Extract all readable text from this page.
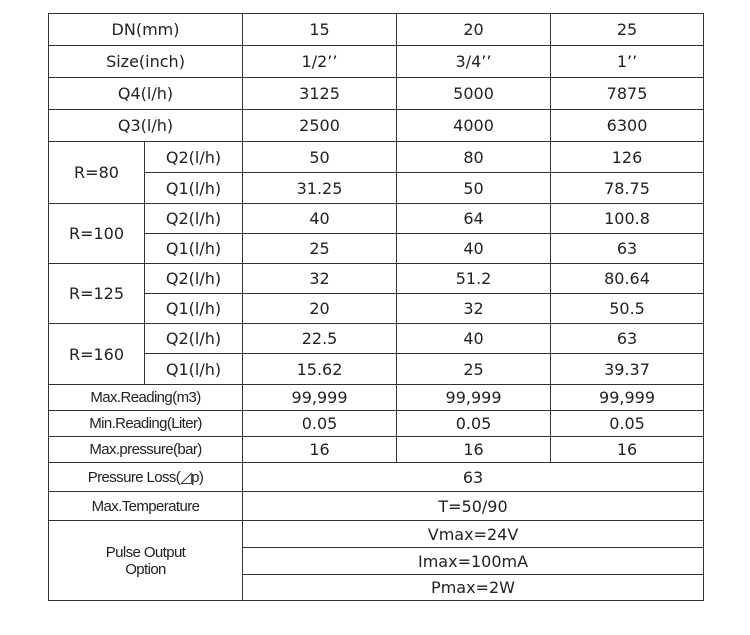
DN(mm)		15	20	25
Size(inch)		1/2’’	3/4’’	1’’
Q4(l/h)		3125	5000	7875
Q3(l/h)		2500	4000	6300
R=80	Q2(l/h)	50	80	126
	Q1(l/h)	31.25	50	78.75
R=100	Q2(l/h)	40	64	100.8
	Q1(l/h)	25	40	63
R=125	Q2(l/h)	32	51.2	80.64
	Q1(l/h)	20	32	50.5
R=160	Q2(l/h)	22.5	40	63
	Q1(l/h)	15.62	25	39.37
Max.Reading(m3)		99,999	99,999	99,999
Min.Reading(Liter)		0.05	0.05	0.05
Max.pressure(bar)		16	16	16
Pressure Loss(◿p)		63		
Max.Temperature		T=50/90		

Pulse Output
Option		Vmax=24V		
		Imax=100mA		
		Pmax=2W		
